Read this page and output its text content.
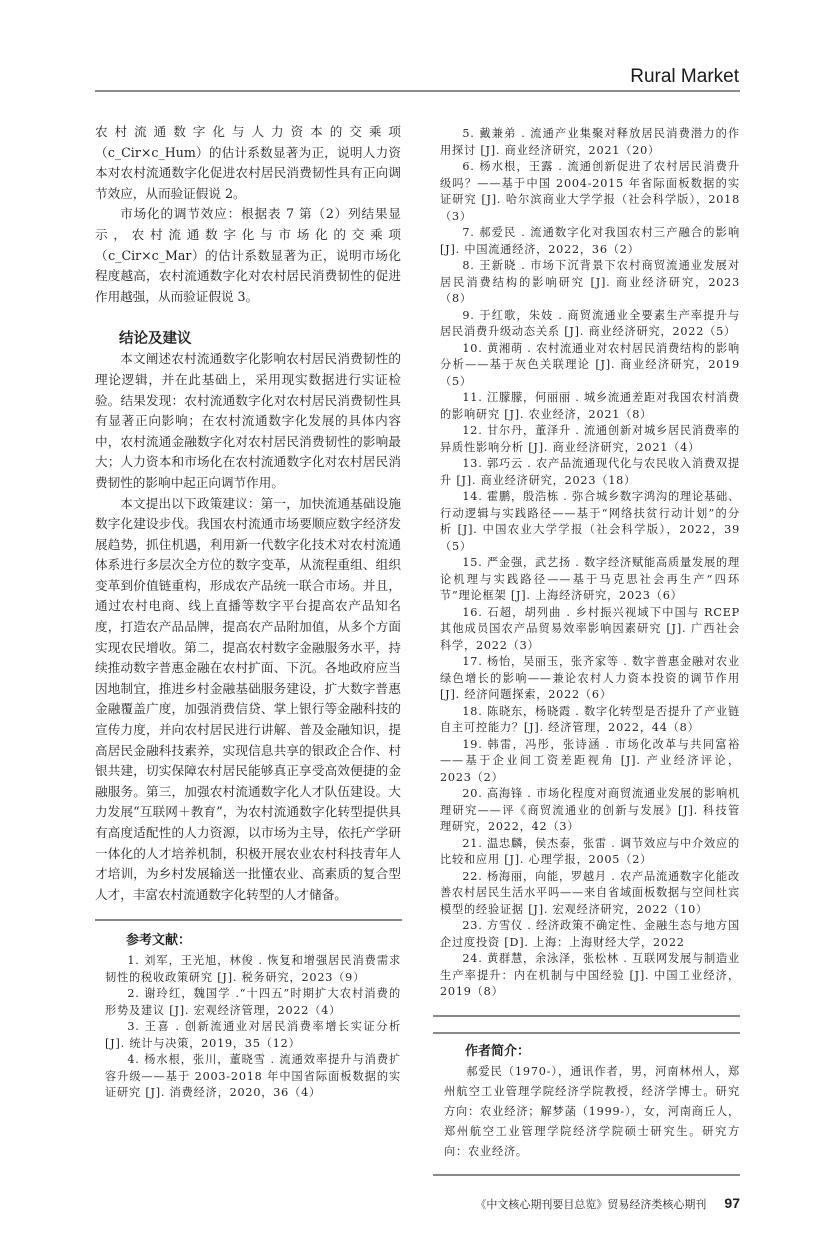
Rural Market

农村流通数字化与人力资本的交乘项（c_Cir×c_Hum）的估计系数显著为正，说明人力资本对农村流通数字化促进农村居民消费韧性具有正向调节效应，从而验证假说 2。

市场化的调节效应：根据表 7 第（2）列结果显示，农村流通数字化与市场化的交乘项（c_Cir×c_Mar）的估计系数显著为正，说明市场化程度越高，农村流通数字化对农村居民消费韧性的促进作用越强，从而验证假说 3。

结论及建议

本文阐述农村流通数字化影响农村居民消费韧性的理论逻辑，并在此基础上，采用现实数据进行实证检验。结果发现：农村流通数字化对农村居民消费韧性具有显著正向影响；在农村流通数字化发展的具体内容中，农村流通金融数字化对农村居民消费韧性的影响最大；人力资本和市场化在农村流通数字化对农村居民消费韧性的影响中起正向调节作用。

本文提出以下政策建议：第一，加快流通基础设施数字化建设步伐。我国农村流通市场要顺应数字经济发展趋势，抓住机遇，利用新一代数字化技术对农村流通体系进行多层次全方位的数字变革，从流程重组、组织变革到价值链重构，形成农产品统一联合市场。并且，通过农村电商、线上直播等数字平台提高农产品知名度，打造农产品品牌，提高农产品附加值，从多个方面实现农民增收。第二，提高农村数字金融服务水平，持续推动数字普惠金融在农村扩面、下沉。各地政府应当因地制宜，推进乡村金融基础服务建设，扩大数字普惠金融覆盖广度，加强消费信贷、掌上银行等金融科技的宣传力度，并向农村居民进行讲解、普及金融知识，提高居民金融科技素养，实现信息共享的银政企合作、村银共建，切实保障农村居民能够真正享受高效便捷的金融服务。第三，加强农村流通数字化人才队伍建设。大力发展“互联网＋教育”，为农村流通数字化转型提供具有高度适配性的人力资源，以市场为主导，依托产学研一体化的人才培养机制，积极开展农业农村科技青年人才培训，为乡村发展输送一批懂农业、高素质的复合型人才，丰富农村流通数字化转型的人才储备。

参考文献：

1. 刘军，王光旭，林俊 . 恢复和增强居民消费需求韧性的税收政策研究 [J]. 税务研究，2023（9）

2. 谢玲红，魏国学 .“十四五”时期扩大农村消费的形势及建议 [J]. 宏观经济管理，2022（4）

3. 王喜 . 创新流通业对居民消费率增长实证分析 [J]. 统计与决策，2019，35（12）

4. 杨水根，张川，董晓雪 . 流通效率提升与消费扩容升级——基于 2003-2018 年中国省际面板数据的实证研究 [J]. 消费经济，2020，36（4）

5. 戴兼弟 . 流通产业集聚对释放居民消费潜力的作用探讨 [J]. 商业经济研究，2021（20）

6. 杨水根，王露 . 流通创新促进了农村居民消费升级吗？——基于中国 2004-2015 年省际面板数据的实证研究 [J]. 哈尔滨商业大学学报（社会科学版），2018（3）

7. 郝爱民 . 流通数字化对我国农村三产融合的影响 [J]. 中国流通经济，2022，36（2）

8. 王新晓 . 市场下沉背景下农村商贸流通业发展对居民消费结构的影响研究 [J]. 商业经济研究，2023（8）

9. 于红歌，朱妓 . 商贸流通业全要素生产率提升与居民消费升级动态关系 [J]. 商业经济研究，2022（5）

10. 黄湘萌 . 农村流通业对农村居民消费结构的影响分析——基于灰色关联理论 [J]. 商业经济研究，2019（5）

11. 江朦朦，何丽丽 . 城乡流通差距对我国农村消费的影响研究 [J]. 农业经济，2021（8）

12. 甘尔丹，董泽升 . 流通创新对城乡居民消费率的异质性影响分析 [J]. 商业经济研究，2021（4）

13. 郭巧云 . 农产品流通现代化与农民收入消费双提升 [J]. 商业经济研究，2023（18）

14. 霍鹏，殷浩栋 . 弥合城乡数字鸿沟的理论基础、行动逻辑与实践路径——基于“网络扶贫行动计划”的分析 [J]. 中国农业大学学报（社会科学版），2022，39（5）

15. 严金强，武艺扬 . 数字经济赋能高质量发展的理论机理与实践路径——基于马克思社会再生产“四环节”理论框架 [J]. 上海经济研究，2023（6）

16. 石超，胡列曲 . 乡村振兴视域下中国与 RCEP 其他成员国农产品贸易效率影响因素研究 [J]. 广西社会科学，2022（3）

17. 杨怡，吴丽玉，张齐家等 . 数字普惠金融对农业绿色增长的影响——兼论农村人力资本投资的调节作用 [J]. 经济问题探索，2022（6）

18. 陈晓东，杨晓霞 . 数字化转型是否提升了产业链自主可控能力？[J]. 经济管理，2022，44（8）

19. 韩雷，冯彤，张诗涵 . 市场化改革与共同富裕——基于企业间工资差距视角 [J]. 产业经济评论，2023（2）

20. 高海锋 . 市场化程度对商贸流通业发展的影响机理研究——评《商贸流通业的创新与发展》[J]. 科技管理研究，2022，42（3）

21. 温忠麟，侯杰泰，张雷 . 调节效应与中介效应的比较和应用 [J]. 心理学报，2005（2）

22. 杨海丽，向能，罗越月 . 农产品流通数字化能改善农村居民生活水平吗——来自省域面板数据与空间杜宾模型的经验证据 [J]. 宏观经济研究，2022（10）

23. 方雪仪 . 经济政策不确定性、金融生态与地方国企过度投资 [D]. 上海：上海财经大学，2022

24. 黄群慧，余泳泽，张松林 . 互联网发展与制造业生产率提升：内在机制与中国经验 [J]. 中国工业经济，2019（8）

作者简介：

郝爱民（1970-），通讯作者，男，河南林州人，郑州航空工业管理学院经济学院教授，经济学博士。研究方向：农业经济；解梦菡（1999-），女，河南商丘人，郑州航空工业管理学院经济学院硕士研究生。研究方向：农业经济。

《中文核心期刊要目总览》贸易经济类核心期刊 97
